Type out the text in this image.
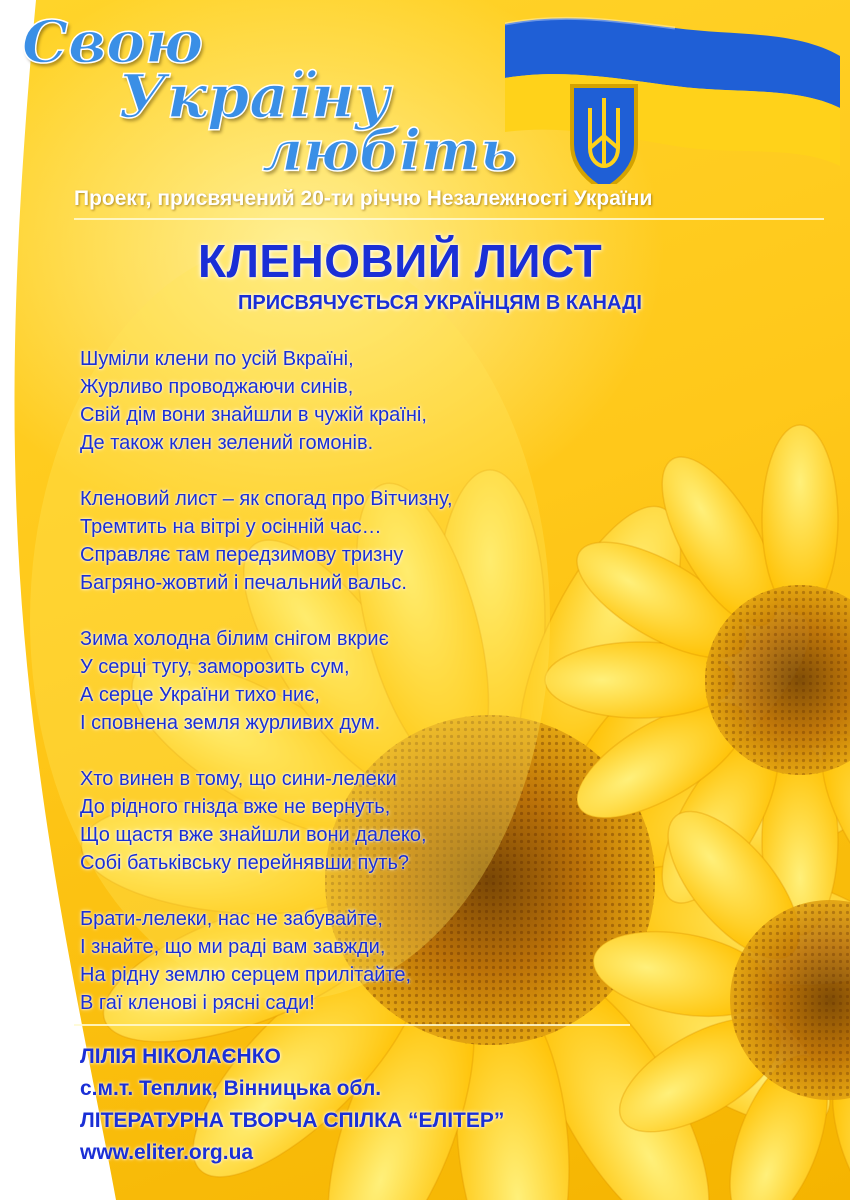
Свою
Україну
любіть

Проект, присвячений 20-ти річчю Незалежності України

КЛЕНОВИЙ ЛИСТ
ПРИСВЯЧУЄТЬСЯ УКРАЇНЦЯМ В КАНАДІ
Шуміли клени по усій Вкраїні,
Журливо проводжаючи синів,
Свій дім вони знайшли в чужій країні,
Де також клен зелений гомонів.
Кленовий лист – як спогад про Вітчизну,
Тремтить на вітрі у осінній час…
Справляє там передзимову тризну
Багряно-жовтий і печальний вальс.
Зима холодна білим снігом вкриє
У серці тугу, заморозить сум,
А серце України тихо ниє,
І сповнена земля журливих дум.
Хто винен в тому, що сини-лелеки
До рідного гнізда вже не вернуть,
Що щастя вже знайшли вони далеко,
Собі батьківську перейнявши путь?
Брати-лелеки, нас не забувайте,
І знайте, що ми раді вам завжди,
На рідну землю серцем прилітайте,
В гаї кленові і рясні сади!
ЛІЛІЯ НІКОЛАЄНКО
с.м.т. Теплик, Вінницька обл.
ЛІТЕРАТУРНА ТВОРЧА СПІЛКА “ЕЛІТЕР”
www.eliter.org.ua
